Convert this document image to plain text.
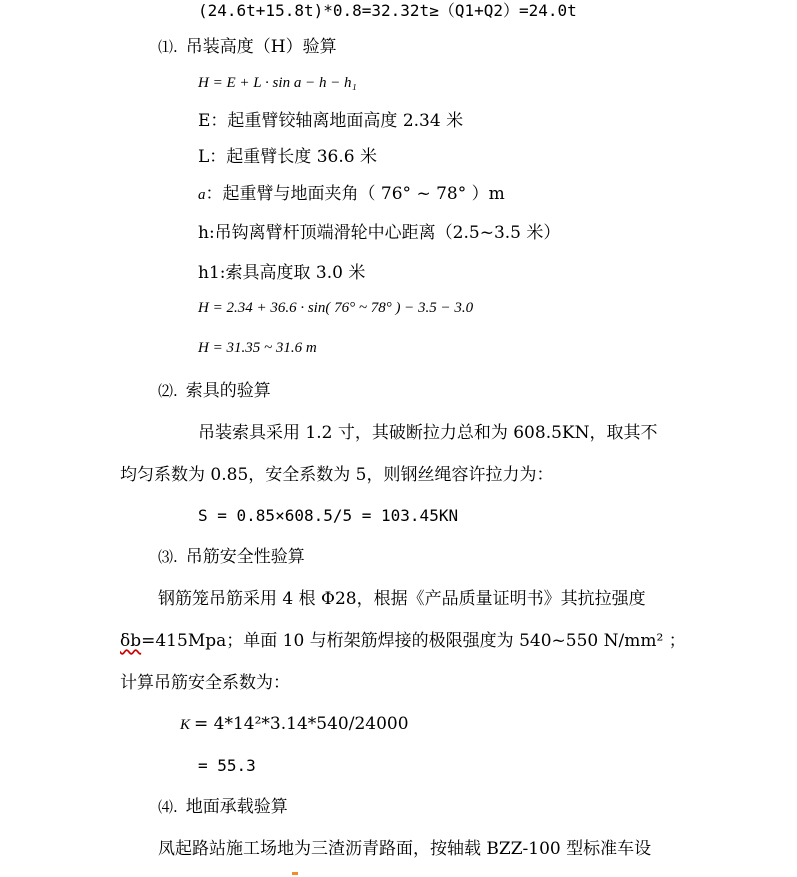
(24.6t+15.8t)*0.8=32.32t≥（Q1+Q2）=24.0t
⑴. 吊装高度（H）验算
H = E + L · sin a − h − h₁
E：起重臂铰轴离地面高度 2.34 米
L：起重臂长度 36.6 米
a：起重臂与地面夹角（ 76° ~ 78° ）m
h:吊钩离臂杆顶端滑轮中心距离（2.5~3.5 米）
h1:索具高度取 3.0 米
H = 2.34 + 36.6 · sin( 76° ~ 78° ) − 3.5 − 3.0
H = 31.35 ~ 31.6 m
⑵. 索具的验算
吊装索具采用 1.2 寸，其破断拉力总和为 608.5KN，取其不
均匀系数为 0.85，安全系数为 5，则钢丝绳容许拉力为：
S = 0.85×608.5/5 = 103.45KN
⑶. 吊筋安全性验算
钢筋笼吊筋采用 4 根 Φ28，根据《产品质量证明书》其抗拉强度
δb=415Mpa；单面 10 与桁架筋焊接的极限强度为 540~550 N/mm² ；
计算吊筋安全系数为：
K = 4*14²*3.14*540/24000
= 55.3
⑷. 地面承载验算
凤起路站施工场地为三渣沥青路面，按轴载 BZZ-100 型标准车设
